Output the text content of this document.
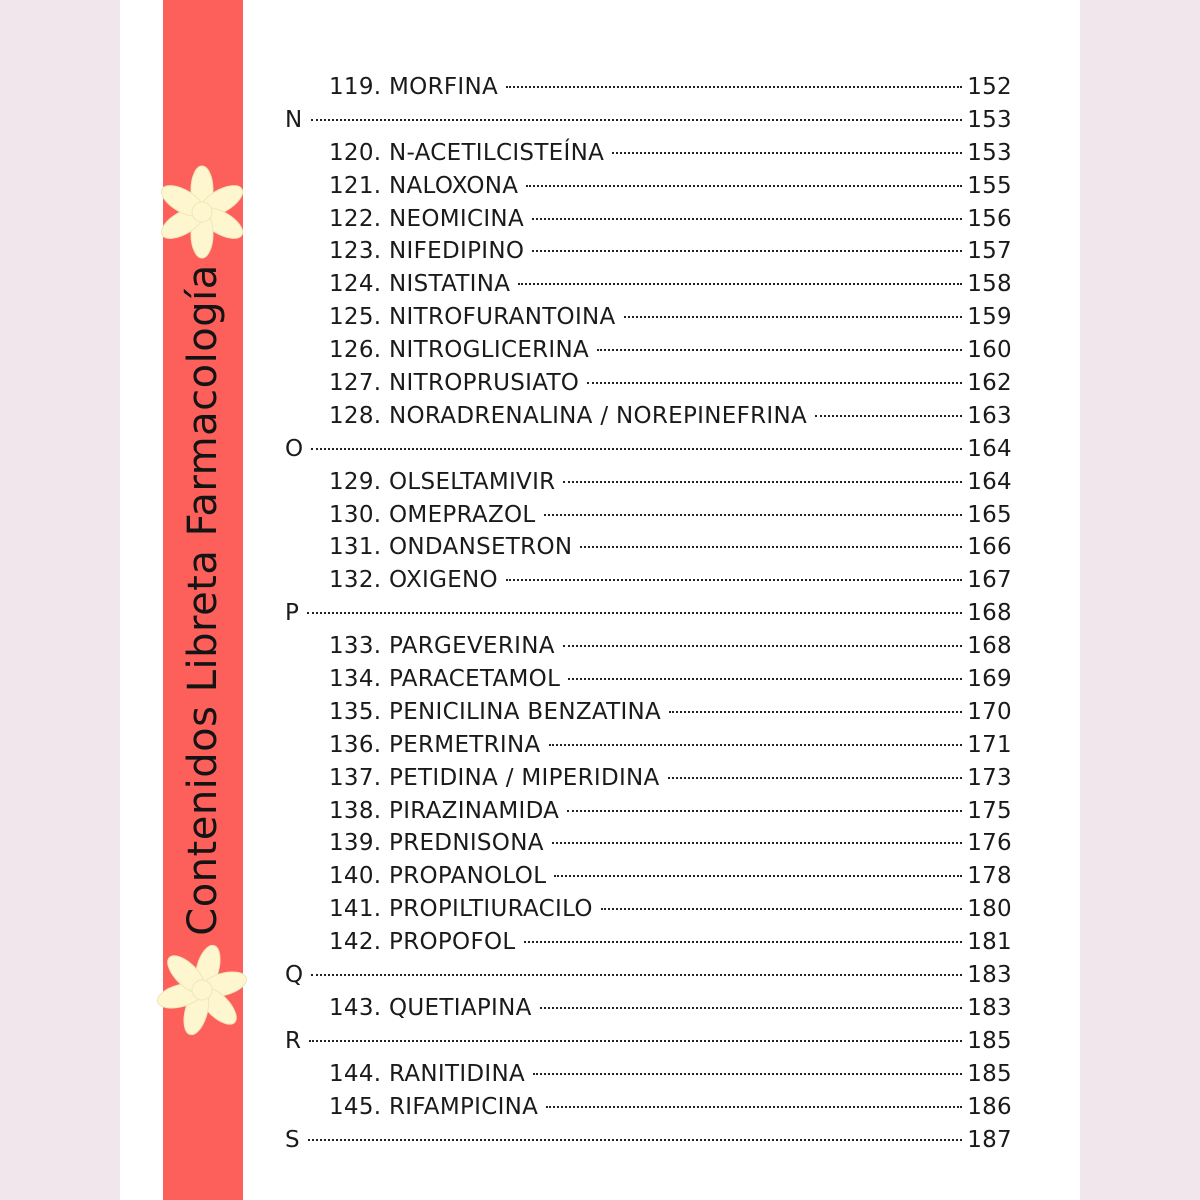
Contenidos Libreta Farmacología
119. MORFINA	152
N	153
120. N-ACETILCISTEÍNA	153
121. NALOXONA	155
122. NEOMICINA	156
123. NIFEDIPINO	157
124. NISTATINA	158
125. NITROFURANTOINA	159
126. NITROGLICERINA	160
127. NITROPRUSIATO	162
128. NORADRENALINA / NOREPINEFRINA	163
O	164
129. OLSELTAMIVIR	164
130. OMEPRAZOL	165
131. ONDANSETRON	166
132. OXIGENO	167
P	168
133. PARGEVERINA	168
134. PARACETAMOL	169
135. PENICILINA BENZATINA	170
136. PERMETRINA	171
137. PETIDINA / MIPERIDINA	173
138. PIRAZINAMIDA	175
139. PREDNISONA	176
140. PROPANOLOL	178
141. PROPILTIURACILO	180
142. PROPOFOL	181
Q	183
143. QUETIAPINA	183
R	185
144. RANITIDINA	185
145. RIFAMPICINA	186
S	187
